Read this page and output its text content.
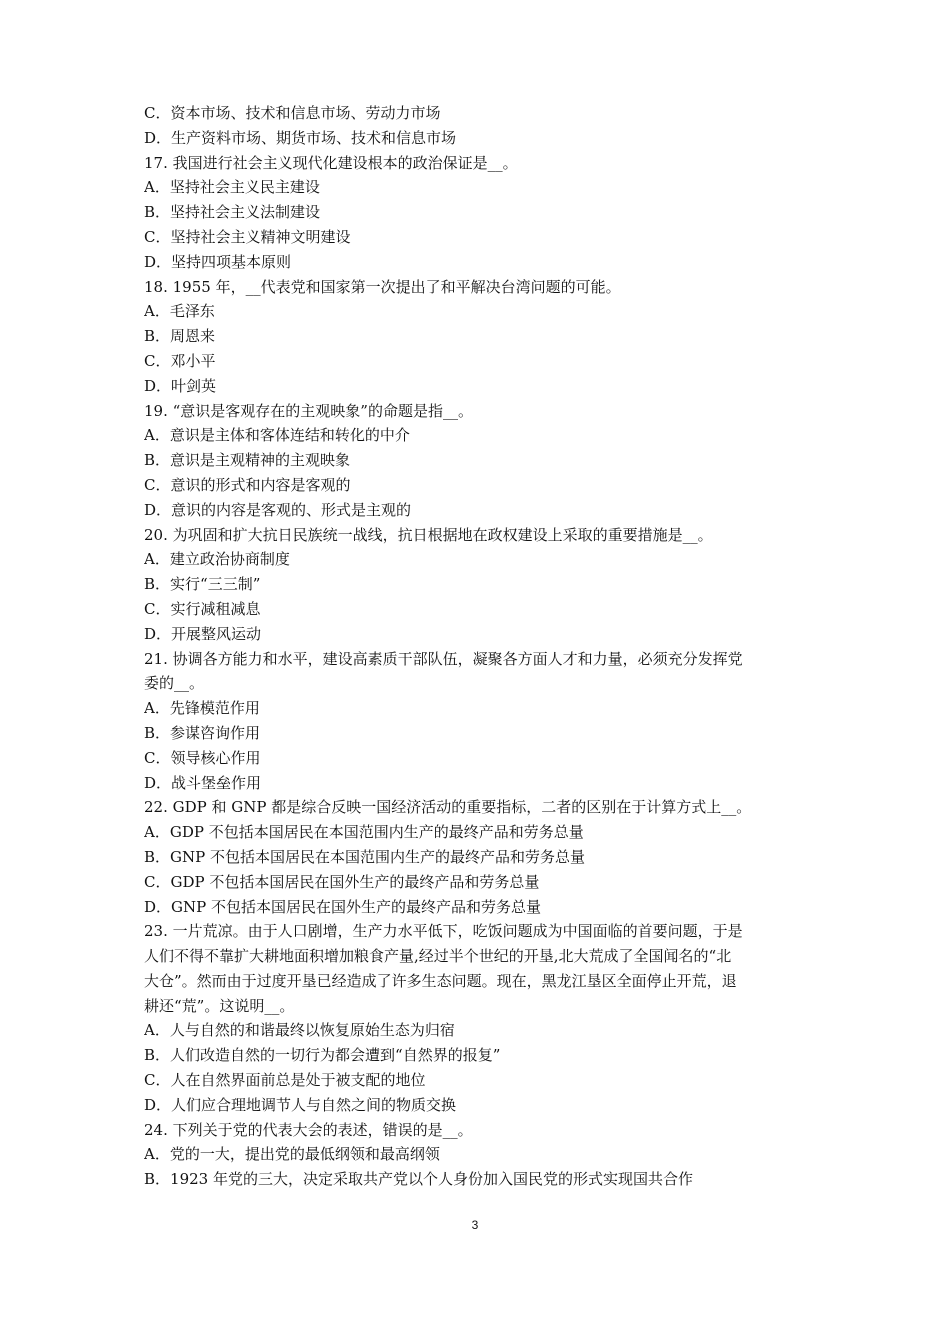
C．资本市场、技术和信息市场、劳动力市场
D．生产资料市场、期货市场、技术和信息市场
17. 我国进行社会主义现代化建设根本的政治保证是__。
A．坚持社会主义民主建设
B．坚持社会主义法制建设
C．坚持社会主义精神文明建设
D．坚持四项基本原则
18. 1955 年，__代表党和国家第一次提出了和平解决台湾问题的可能。
A．毛泽东
B．周恩来
C．邓小平
D．叶剑英
19. “意识是客观存在的主观映象”的命题是指__。
A．意识是主体和客体连结和转化的中介
B．意识是主观精神的主观映象
C．意识的形式和内容是客观的
D．意识的内容是客观的、形式是主观的
20. 为巩固和扩大抗日民族统一战线，抗日根据地在政权建设上采取的重要措施是__。
A．建立政治协商制度
B．实行“三三制”
C．实行减租减息
D．开展整风运动
21. 协调各方能力和水平，建设高素质干部队伍，凝聚各方面人才和力量，必须充分发挥党
委的__。
A．先锋模范作用
B．参谋咨询作用
C．领导核心作用
D．战斗堡垒作用
22. GDP 和 GNP 都是综合反映一国经济活动的重要指标，二者的区别在于计算方式上__。
A．GDP 不包括本国居民在本国范围内生产的最终产品和劳务总量
B．GNP 不包括本国居民在本国范围内生产的最终产品和劳务总量
C．GDP 不包括本国居民在国外生产的最终产品和劳务总量
D．GNP 不包括本国居民在国外生产的最终产品和劳务总量
23. 一片荒凉。由于人口剧增，生产力水平低下，吃饭问题成为中国面临的首要问题，于是
人们不得不靠扩大耕地面积增加粮食产量,经过半个世纪的开垦,北大荒成了全国闻名的“北
大仓”。然而由于过度开垦已经造成了许多生态问题。现在，黑龙江垦区全面停止开荒，退
耕还“荒”。这说明__。
A．人与自然的和谐最终以恢复原始生态为归宿
B．人们改造自然的一切行为都会遭到“自然界的报复”
C．人在自然界面前总是处于被支配的地位
D．人们应合理地调节人与自然之间的物质交换
24. 下列关于党的代表大会的表述，错误的是__。
A．党的一大，提出党的最低纲领和最高纲领
B．1923 年党的三大，决定采取共产党以个人身份加入国民党的形式实现国共合作
3
